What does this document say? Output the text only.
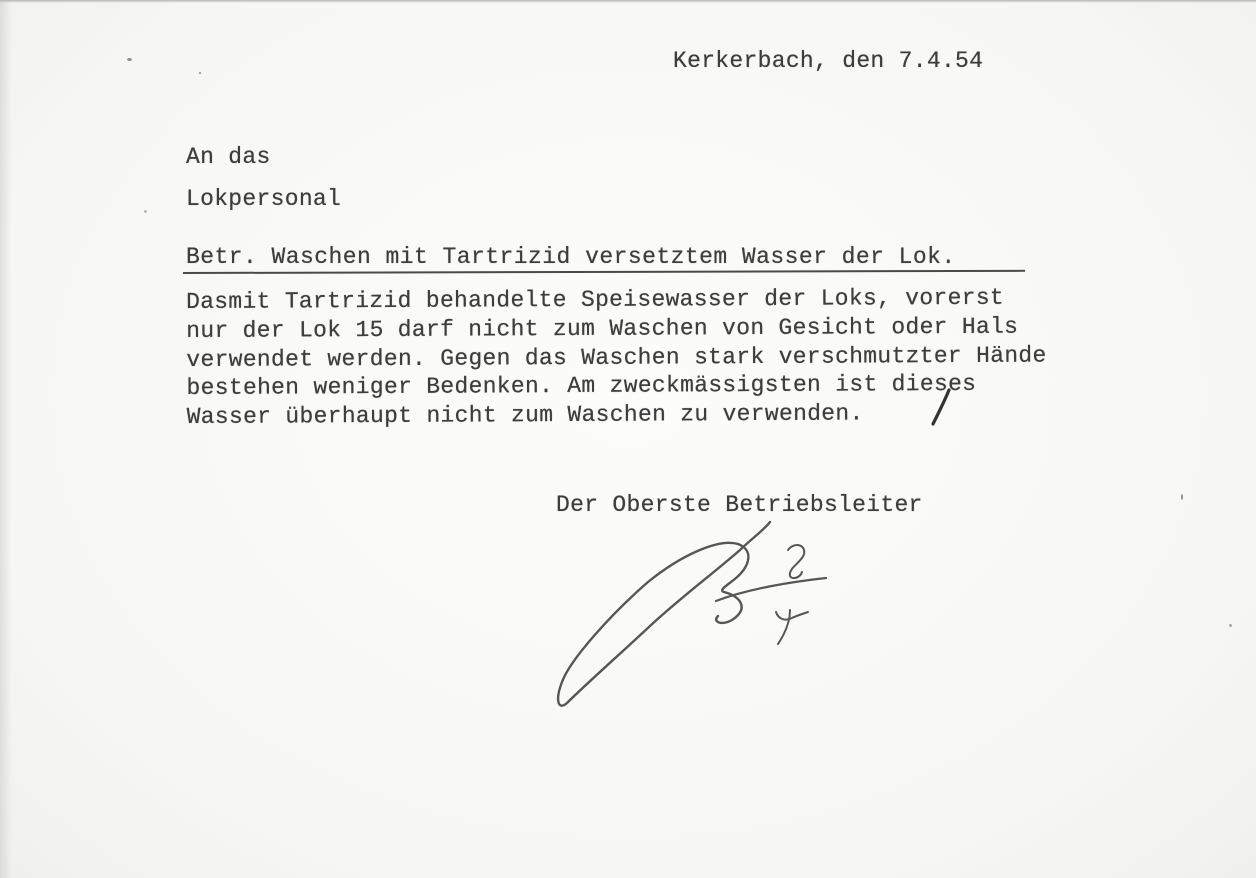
Kerkerbach, den 7.4.54
An das
Lokpersonal
Betr. Waschen mit Tartrizid versetztem Wasser der Lok.
Dasmit Tartrizid behandelte Speisewasser der Loks, vorerst
nur der Lok 15 darf nicht zum Waschen von Gesicht oder Hals
verwendet werden. Gegen das Waschen stark verschmutzter Hände
bestehen weniger Bedenken. Am zweckmässigsten ist dieses
Wasser überhaupt nicht zum Waschen zu verwenden.
Der Oberste Betriebsleiter
